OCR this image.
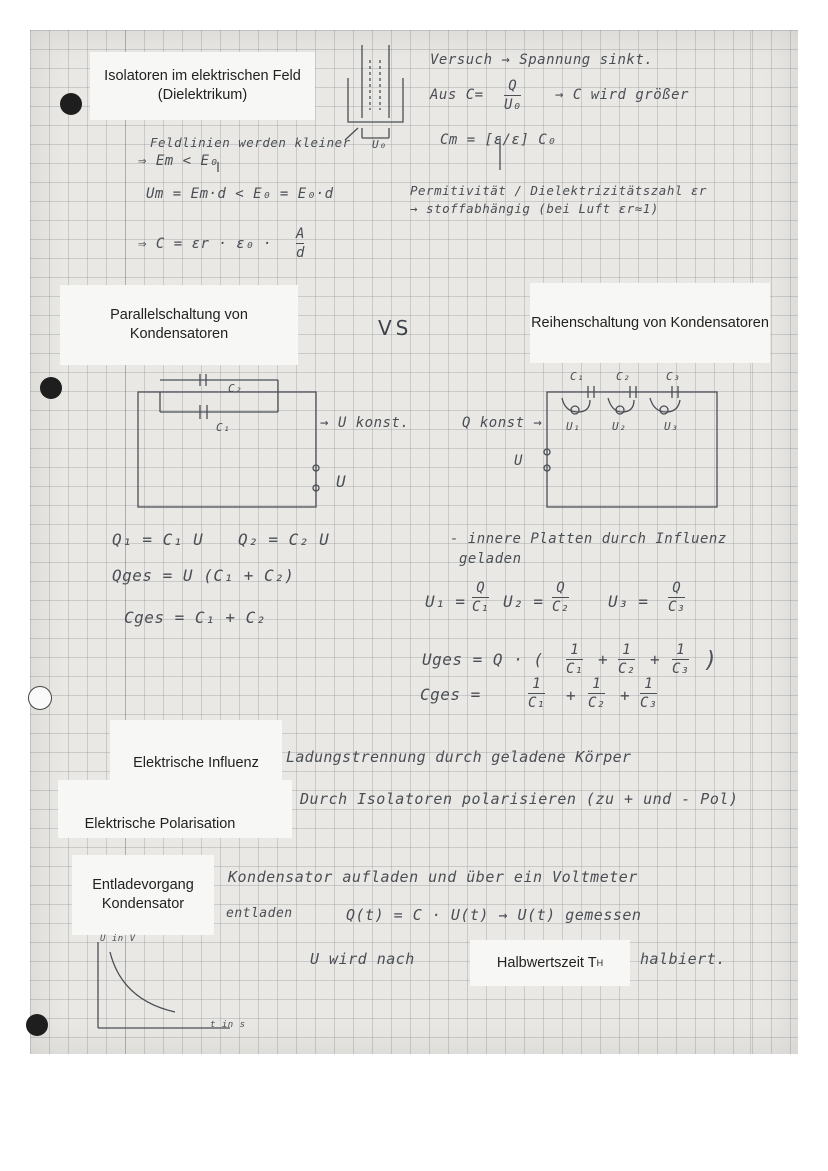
Isolatoren im elektrischen Feld (Dielektrikum)
Versuch → Spannung sinkt.
Aus C=
Q
U₀
→ C wird größer
Cm = [ε/ε] C₀
U₀
Feldlinien werden kleiner
⇒ Em < E₀
Um = Em·d < E₀ = E₀·d
⇒ C = εr · ε₀ ·
A
d
Permitivität / Dielektrizitätszahl εr
→ stoffabhängig (bei Luft εr≈1)
Parallelschaltung von Kondensatoren	VS	Reihenschaltung von Kondensatoren
C₂
C₁	→ U konst.
U
Q konst →
U
C₁	C₂	C₃
U₁	U₂	U₃
Q₁ = C₁ U Q₂ = C₂ U
Qges = U (C₁ + C₂)
Cges = C₁ + C₂
- innere Platten durch Influenz
geladen
U₁ =
Q
C₁ U₂ =
Q
C₂ U₃ =
Q
C₃
Uges = Q · ( 1
C₁ + 1
C₂ + 1
C₃ )
Cges =
1
C₁ +
1
C₂ +
1
C₃
Elektrische Influenz Ladungstrennung durch geladene Körper
Elektrische Polarisation
Durch Isolatoren polarisieren (zu + und - Pol)
Entladevorgang Kondensator
Kondensator aufladen und über ein Voltmeter
entladen	Q(t) = C · U(t) → U(t) gemessen
U wird nach	Halbwertszeit T H halbiert.
U in V
t in s
